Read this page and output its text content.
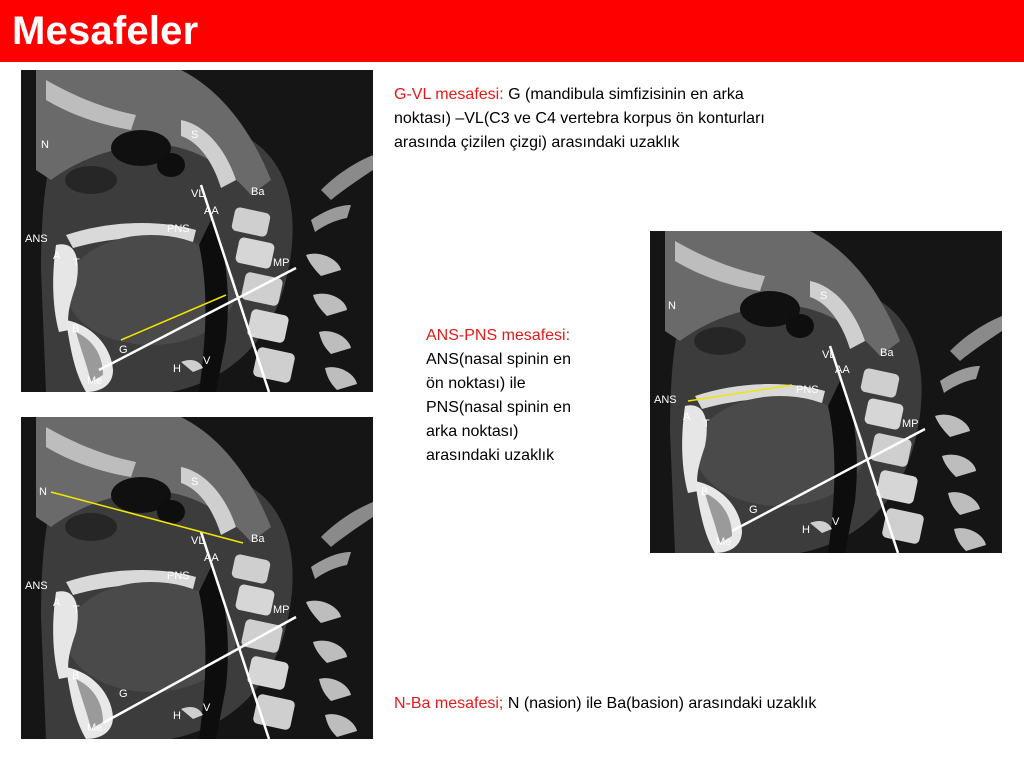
Mesafeler
N
S
Ba
VL
AA
PNS
ANS
A
T	MP
B
G
H
V
Me
N
S
Ba
VL
AA
PNS
ANS
A
T	MP
B
G
H
V
Me
N
S
Ba
VL
AA
PNS
ANS
A
T	MP
B
G
H
V
Me
G-VL mesafesi: G (mandibula simfizisinin en arka
noktası) –VL(C3 ve C4 vertebra korpus ön konturları
arasında çizilen çizgi) arasındaki uzaklık
ANS-PNS mesafesi:
ANS(nasal spinin en
ön noktası) ile
PNS(nasal spinin en
arka noktası)
arasındaki uzaklık
N-Ba mesafesi; N (nasion) ile Ba(basion) arasındaki uzaklık
